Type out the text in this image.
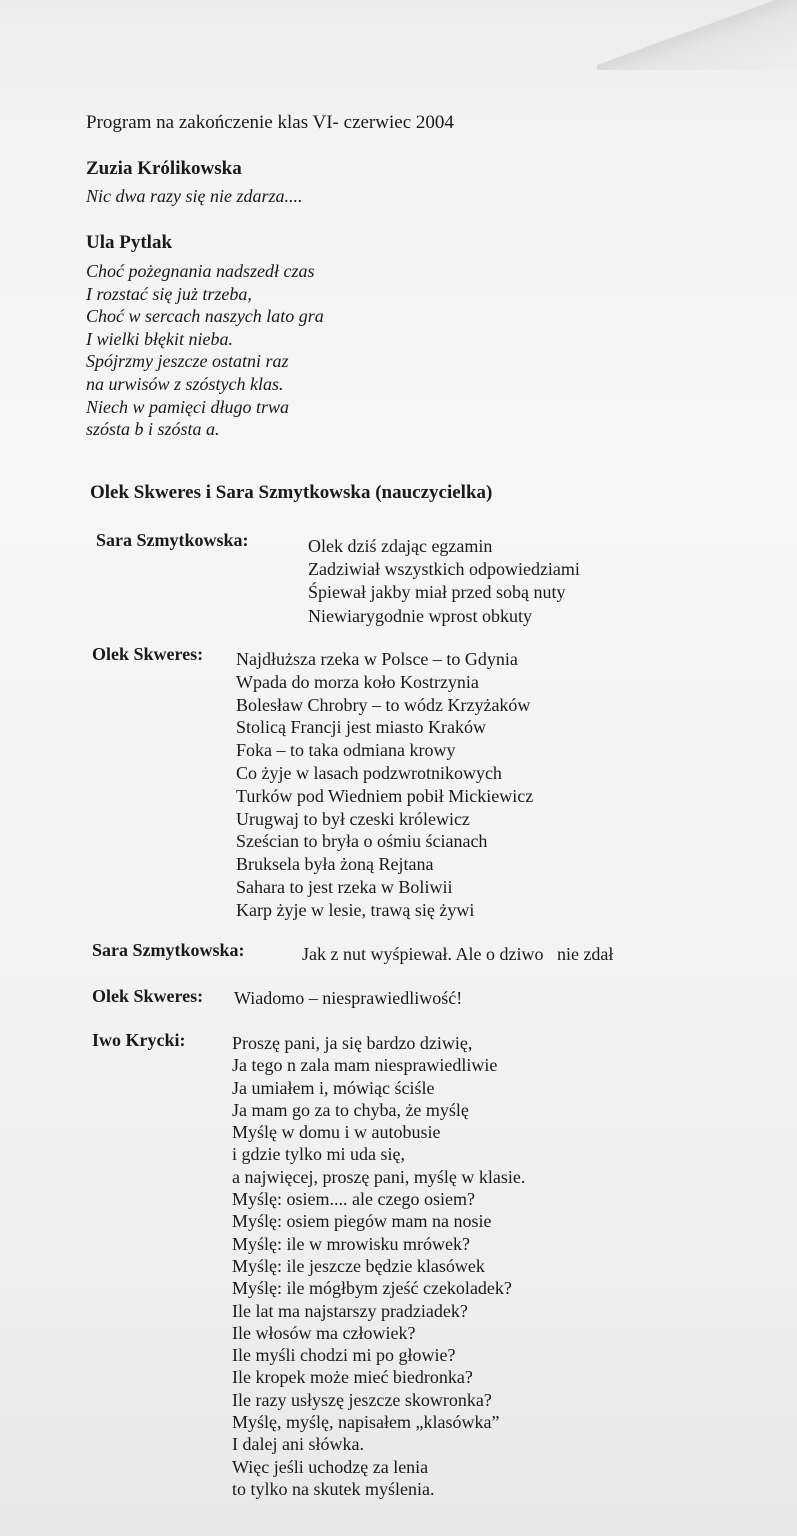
Program na zakończenie klas VI- czerwiec 2004
Zuzia Królikowska
Nic dwa razy się nie zdarza....
Ula Pytlak
Choć pożegnania nadszedł czas
I rozstać się już trzeba,
Choć w sercach naszych lato gra
I wielki błękit nieba.
Spójrzmy jeszcze ostatni raz
na urwisów z szóstych klas.
Niech w pamięci długo trwa
szósta b i szósta a.
Olek Skweres i Sara Szmytkowska (nauczycielka)
Sara Szmytkowska:	Olek dziś zdając egzamin
Zadziwiał wszystkich odpowiedziami
Śpiewał jakby miał przed sobą nuty
Niewiarygodnie wprost obkuty
Olek Skweres: Najdłuższa rzeka w Polsce – to Gdynia
Wpada do morza koło Kostrzynia
Bolesław Chrobry – to wódz Krzyżaków
Stolicą Francji jest miasto Kraków
Foka – to taka odmiana krowy
Co żyje w lasach podzwrotnikowych
Turków pod Wiedniem pobił Mickiewicz
Urugwaj to był czeski królewicz
Sześcian to bryła o ośmiu ścianach
Bruksela była żoną Rejtana
Sahara to jest rzeka w Boliwii
Karp żyje w lesie, trawą się żywi
Sara Szmytkowska:	Jak z nut wyśpiewał. Ale o dziwo   nie zdał
Olek Skweres: Wiadomo – niesprawiedliwość!
Iwo Krycki:	Proszę pani, ja się bardzo dziwię,
Ja tego n zala mam niesprawiedliwie
Ja umiałem i, mówiąc ściśle
Ja mam go za to chyba, że myślę
Myślę w domu i w autobusie
i gdzie tylko mi uda się,
a najwięcej, proszę pani, myślę w klasie.
Myślę: osiem.... ale czego osiem?
Myślę: osiem piegów mam na nosie
Myślę: ile w mrowisku mrówek?
Myślę: ile jeszcze będzie klasówek
Myślę: ile mógłbym zjeść czekoladek?
Ile lat ma najstarszy pradziadek?
Ile włosów ma człowiek?
Ile myśli chodzi mi po głowie?
Ile kropek może mieć biedronka?
Ile razy usłyszę jeszcze skowronka?
Myślę, myślę, napisałem „klasówka”
I dalej ani słówka.
Więc jeśli uchodzę za lenia
to tylko na skutek myślenia.
